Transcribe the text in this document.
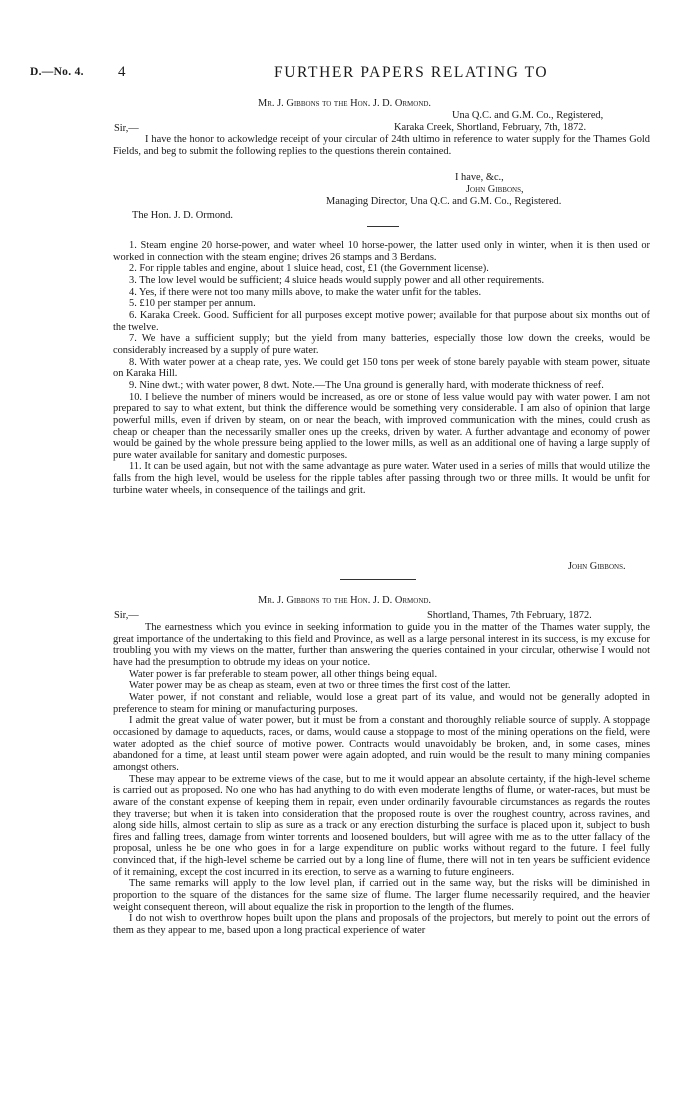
D.—No. 4. 4	FURTHER PAPERS RELATING TO
Mr. J. Gibbons to the Hon. J. D. Ormond.
Una Q.C. and G.M. Co., Registered,
Sir,—	Karaka Creek, Shortland, February, 7th, 1872.

I have the honor to ackowledge receipt of your circular of 24th ultimo in reference to water supply for the Thames Gold Fields, and beg to submit the following replies to the questions therein contained.

I have, &c.,
John Gibbons,
Managing Director, Una Q.C. and G.M. Co., Registered.
The Hon. J. D. Ormond.

1. Steam engine 20 horse-power, and water wheel 10 horse-power, the latter used only in winter, when it is then used or worked in connection with the steam engine; drives 26 stamps and 3 Berdans.

2. For ripple tables and engine, about 1 sluice head, cost, £1 (the Government license).

3. The low level would be sufficient; 4 sluice heads would supply power and all other requirements.

4. Yes, if there were not too many mills above, to make the water unfit for the tables.

5. £10 per stamper per annum.

6. Karaka Creek. Good. Sufficient for all purposes except motive power; available for that purpose about six months out of the twelve.

7. We have a sufficient supply; but the yield from many batteries, especially those low down the creeks, would be considerably increased by a supply of pure water.

8. With water power at a cheap rate, yes. We could get 150 tons per week of stone barely payable with steam power, situate on Karaka Hill.

9. Nine dwt.; with water power, 8 dwt. Note.—The Una ground is generally hard, with moderate thickness of reef.

10. I believe the number of miners would be increased, as ore or stone of less value would pay with water power. I am not prepared to say to what extent, but think the difference would be something very considerable. I am also of opinion that large powerful mills, even if driven by steam, on or near the beach, with improved communication with the mines, could crush as cheap or cheaper than the necessarily smaller ones up the creeks, driven by water. A further advantage and economy of power would be gained by the whole pressure being applied to the lower mills, as well as an additional one of having a large supply of pure water available for sanitary and domestic purposes.

11. It can be used again, but not with the same advantage as pure water. Water used in a series of mills that would utilize the falls from the high level, would be useless for the ripple tables after passing through two or three mills. It would be unfit for turbine water wheels, in consequence of the tailings and grit.

John Gibbons.
Mr. J. Gibbons to the Hon. J. D. Ormond.
Sir,—	Shortland, Thames, 7th February, 1872.

The earnestness which you evince in seeking information to guide you in the matter of the Thames water supply, the great importance of the undertaking to this field and Province, as well as a large personal interest in its success, is my excuse for troubling you with my views on the matter, further than answering the queries contained in your circular, otherwise I would not have had the presumption to obtrude my ideas on your notice.

Water power is far preferable to steam power, all other things being equal.

Water power may be as cheap as steam, even at two or three times the first cost of the latter.

Water power, if not constant and reliable, would lose a great part of its value, and would not be generally adopted in preference to steam for mining or manufacturing purposes.

I admit the great value of water power, but it must be from a constant and thoroughly reliable source of supply. A stoppage occasioned by damage to aqueducts, races, or dams, would cause a stoppage to most of the mining operations on the field, were water adopted as the chief source of motive power. Contracts would unavoidably be broken, and, in some cases, mines abandoned for a time, at least until steam power were again adopted, and ruin would be the result to many mining companies amongst others.

These may appear to be extreme views of the case, but to me it would appear an absolute certainty, if the high-level scheme is carried out as proposed. No one who has had anything to do with even moderate lengths of flume, or water-races, but must be aware of the constant expense of keeping them in repair, even under ordinarily favourable circumstances as regards the routes they traverse; but when it is taken into consideration that the proposed route is over the roughest country, across ravines, and along side hills, almost certain to slip as sure as a track or any erection disturbing the surface is placed upon it, subject to bush fires and falling trees, damage from winter torrents and loosened boulders, but will agree with me as to the utter fallacy of the proposal, unless he be one who goes in for a large expenditure on public works without regard to the future. I feel fully convinced that, if the high-level scheme be carried out by a long line of flume, there will not in ten years be sufficient evidence of it remaining, except the cost incurred in its erection, to serve as a warning to future engineers.

The same remarks will apply to the low level plan, if carried out in the same way, but the risks will be diminished in proportion to the square of the distances for the same size of flume. The larger flume necessarily required, and the heavier weight consequent thereon, will about equalize the risk in proportion to the length of the flumes.

I do not wish to overthrow hopes built upon the plans and proposals of the projectors, but merely to point out the errors of them as they appear to me, based upon a long practical experience of water
